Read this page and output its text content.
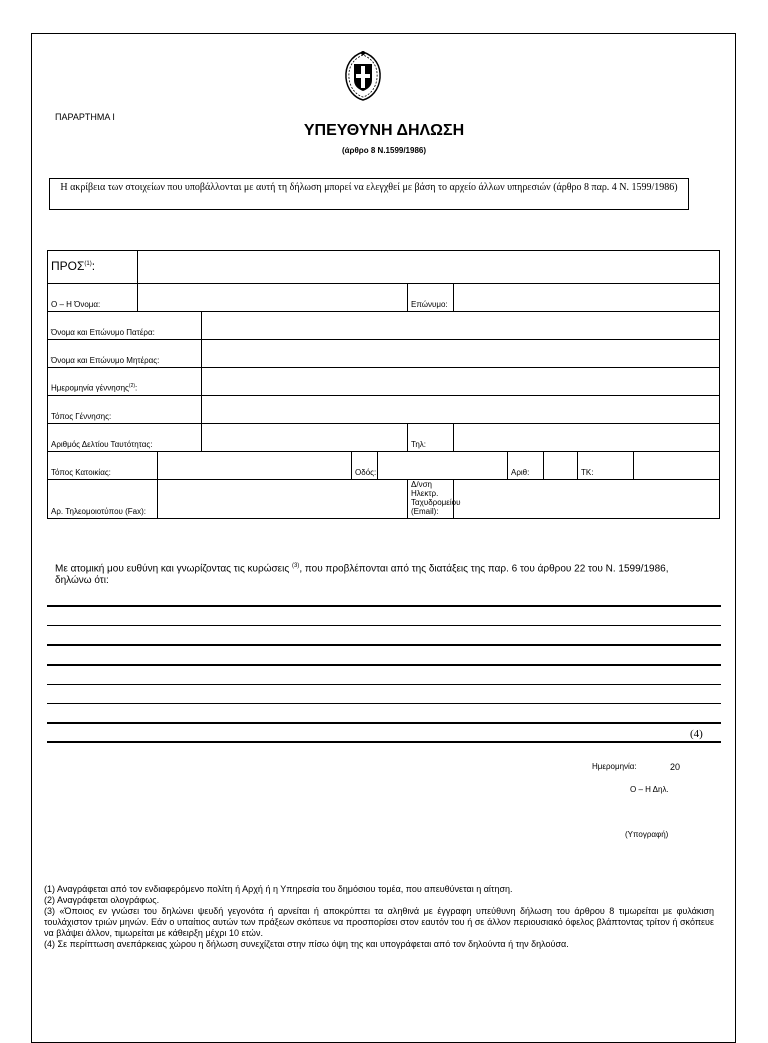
ΠΑΡΑΡΤΗΜΑ Ι
ΥΠΕΥΘΥΝΗ ΔΗΛΩΣΗ
(άρθρο 8 Ν.1599/1986)
Η ακρίβεια των στοιχείων που υποβάλλονται με αυτή τη δήλωση μπορεί να ελεγχθεί με βάση το αρχείο άλλων υπηρεσιών (άρθρο 8 παρ. 4 Ν. 1599/1986)
ΠΡΟΣ$^{(1)}$:											
Ο – Η Όνομα:						Επώνυμο:					
Όνομα και Επώνυμο Πατέρα:											
Όνομα και Επώνυμο Μητέρας:											
Ημερομηνία γέννησης$^{(2)}$:											
Τόπος Γέννησης:											
Αριθμός Δελτίου Ταυτότητας:						Τηλ:					
Τόπος Κατοικίας:				Οδός:				Αριθ:		ΤΚ:	
Αρ. Τηλεομοιοτύπου (Fax):						Δ/νση Ηλεκτρ. Ταχυδρομείου (Email):					
Με ατομική μου ευθύνη και γνωρίζοντας τις κυρώσεις $^{(3)}$, που προβλέπονται από της διατάξεις της παρ. 6 του άρθρου 22 του Ν. 1599/1986, δηλώνω ότι:
(4)
Ημερομηνία:	20
Ο – Η Δηλ.
(Υπογραφή)

(1) Αναγράφεται από τον ενδιαφερόμενο πολίτη ή Αρχή ή η Υπηρεσία του δημόσιου τομέα, που απευθύνεται η αίτηση.

(2) Αναγράφεται ολογράφως.

(3) «Όποιος εν γνώσει του δηλώνει ψευδή γεγονότα ή αρνείται ή αποκρύπτει τα αληθινά με έγγραφη υπεύθυνη δήλωση του άρθρου 8 τιμωρείται με φυλάκιση τουλάχιστον τριών μηνών. Εάν ο υπαίτιος αυτών των πράξεων σκόπευε να προσπορίσει στον εαυτόν του ή σε άλλον περιουσιακό όφελος βλάπτοντας τρίτον ή σκόπευε να βλάψει άλλον, τιμωρείται με κάθειρξη μέχρι 10 ετών.

(4) Σε περίπτωση ανεπάρκειας χώρου η δήλωση συνεχίζεται στην πίσω όψη της και υπογράφεται από τον δηλούντα ή την δηλούσα.
